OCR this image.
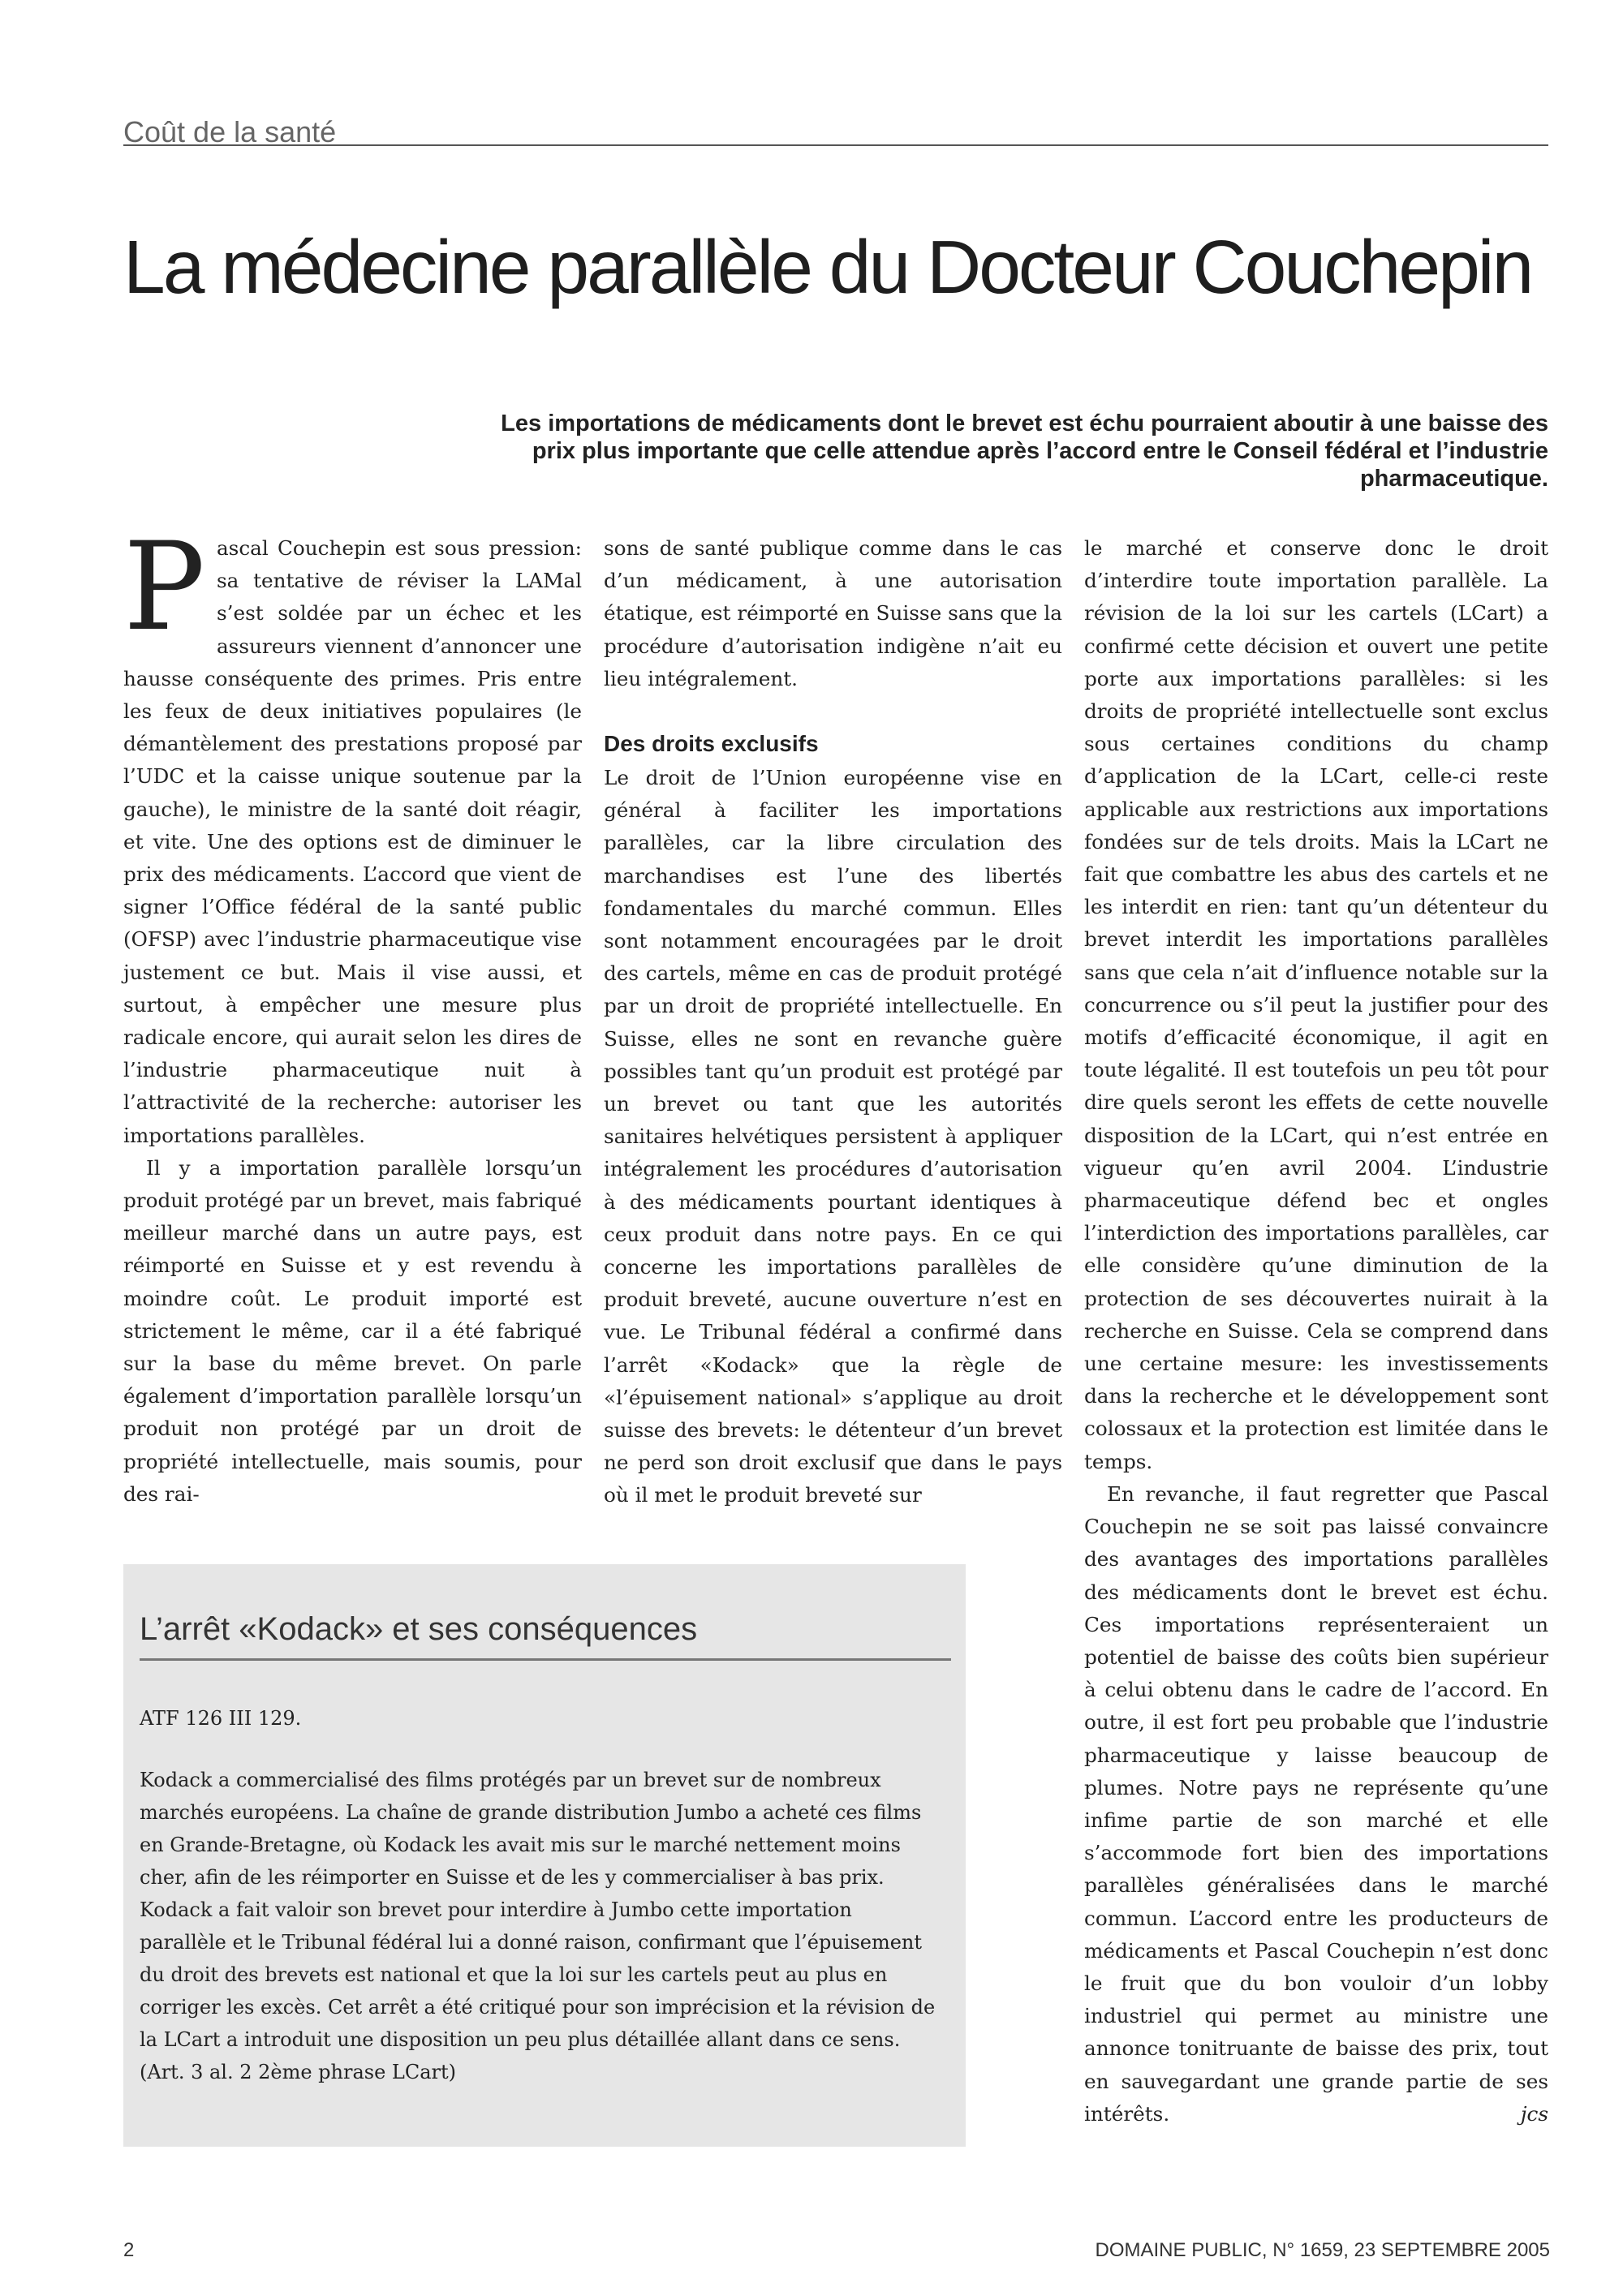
Coût de la santé
La médecine parallèle du Docteur Couchepin

Les importations de médicaments dont le brevet est échu pourraient aboutir à une baisse des prix plus importante que celle attendue après l’accord entre le Conseil fédéral et l’industrie pharmaceutique.

Pascal Couchepin est sous pression: sa tentative de réviser la LAMal s’est soldée par un échec et les assureurs viennent d’annoncer une hausse conséquente des primes. Pris entre les feux de deux initiatives populaires (le démantèlement des prestations proposé par l’UDC et la caisse unique soutenue par la gauche), le ministre de la santé doit réagir, et vite. Une des options est de diminuer le prix des médicaments. L’accord que vient de signer l’Office fédéral de la santé public (OFSP) avec l’industrie pharmaceutique vise justement ce but. Mais il vise aussi, et surtout, à empêcher une mesure plus radicale encore, qui aurait selon les dires de l’industrie pharmaceutique nuit à l’attractivité de la recherche: autoriser les importations parallèles.

Il y a importation parallèle lorsqu’un produit protégé par un brevet, mais fabriqué meilleur marché dans un autre pays, est réimporté en Suisse et y est revendu à moindre coût. Le produit importé est strictement le même, car il a été fabriqué sur la base du même brevet. On parle également d’importation parallèle lorsqu’un produit non protégé par un droit de propriété intellectuelle, mais soumis, pour des rai-

sons de santé publique comme dans le cas d’un médicament, à une autorisation étatique, est réimporté en Suisse sans que la procédure d’autorisation indigène n’ait eu lieu intégralement.

Des droits exclusifs

Le droit de l’Union européenne vise en général à faciliter les importations parallèles, car la libre circulation des marchandises est l’une des libertés fondamentales du marché commun. Elles sont notamment encouragées par le droit des cartels, même en cas de produit protégé par un droit de propriété intellectuelle. En Suisse, elles ne sont en revanche guère possibles tant qu’un produit est protégé par un brevet ou tant que les autorités sanitaires helvétiques persistent à appliquer intégralement les procédures d’autorisation à des médicaments pourtant identiques à ceux produit dans notre pays. En ce qui concerne les importations parallèles de produit breveté, aucune ouverture n’est en vue. Le Tribunal fédéral a confirmé dans l’arrêt «Kodack» que la règle de «l’épuisement national» s’applique au droit suisse des brevets: le détenteur d’un brevet ne perd son droit exclusif que dans le pays où il met le produit breveté sur

le marché et conserve donc le droit d’interdire toute importation parallèle. La révision de la loi sur les cartels (LCart) a confirmé cette décision et ouvert une petite porte aux importations parallèles: si les droits de propriété intellectuelle sont exclus sous certaines conditions du champ d’application de la LCart, celle-ci reste applicable aux restrictions aux importations fondées sur de tels droits. Mais la LCart ne fait que combattre les abus des cartels et ne les interdit en rien: tant qu’un détenteur du brevet interdit les importations parallèles sans que cela n’ait d’influence notable sur la concurrence ou s’il peut la justifier pour des motifs d’efficacité économique, il agit en toute légalité. Il est toutefois un peu tôt pour dire quels seront les effets de cette nouvelle disposition de la LCart, qui n’est entrée en vigueur qu’en avril 2004. L’industrie pharmaceutique défend bec et ongles l’interdiction des importations parallèles, car elle considère qu’une diminution de la protection de ses découvertes nuirait à la recherche en Suisse. Cela se comprend dans une certaine mesure: les investissements dans la recherche et le développement sont colossaux et la protection est limitée dans le temps.

En revanche, il faut regretter que Pascal Couchepin ne se soit pas laissé convaincre des avantages des importations parallèles des médicaments dont le brevet est échu. Ces importations représenteraient un potentiel de baisse des coûts bien supérieur à celui obtenu dans le cadre de l’accord. En outre, il est fort peu probable que l’industrie pharmaceutique y laisse beaucoup de plumes. Notre pays ne représente qu’une infime partie de son marché et elle s’accommode fort bien des importations parallèles généralisées dans le marché commun. L’accord entre les producteurs de médicaments et Pascal Couchepin n’est donc le fruit que du bon vouloir d’un lobby industriel qui permet au ministre une annonce tonitruante de baisse des prix, tout en sauvegardant une grande partie de ses intérêts.	jcs

L’arrêt «Kodack» et ses conséquences

ATF 126 III 129.

Kodack a commercialisé des films protégés par un brevet sur de nombreux marchés européens. La chaîne de grande distribution Jumbo a acheté ces films en Grande-Bretagne, où Kodack les avait mis sur le marché nettement moins cher, afin de les réimporter en Suisse et de les y commercialiser à bas prix. Kodack a fait valoir son brevet pour interdire à Jumbo cette importation parallèle et le Tribunal fédéral lui a donné raison, confirmant que l’épuisement du droit des brevets est national et que la loi sur les cartels peut au plus en corriger les excès. Cet arrêt a été critiqué pour son imprécision et la révision de la LCart a introduit une disposition un peu plus détaillée allant dans ce sens.

(Art. 3 al. 2 2ème phrase LCart)

2	DOMAINE PUBLIC, N° 1659, 23 SEPTEMBRE 2005
